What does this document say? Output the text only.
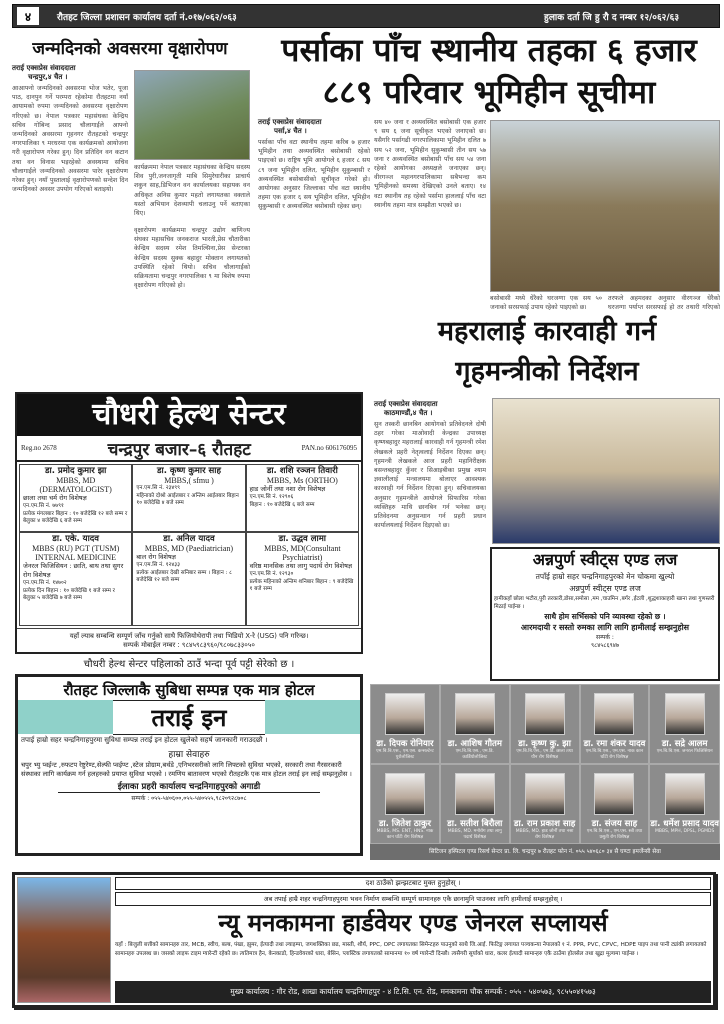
४	रौतहट जिल्ला प्रशासन कार्यालय दर्ता नं.०१७/०६२/०६३	हुलाक दर्ता जि हु रौ द नम्बर १२/०६२/६३
जन्मदिनको अवसरमा वृक्षारोपण
तराई एक्सप्रेस संवाददाता
चन्द्रपुर,४ चैत ।
आआफ्नो जन्मदिनको अवसरमा भोज भतेर, पूजा पाठ, दानपुन गर्ने परम्परा रहेकोमा रौतहटमा नयाँ आयामको रुपमा जन्मदिनको अवसरमा वृक्षारोपण गरिएको छ। नेपाल पत्रकार महासंघका केन्द्रिय सचिव गोबिन्द प्रसाद चौलागाईंले आफ्नो जन्मदिनको अवसरमा गृहनगर रौतहटको चन्द्रपुर नगरपालिका ९ मरधरमा एक कार्यक्रमको आयोजना गरी वृक्षारोपण गरेका हुन्। दिन प्रतिदिन वन कटान तथा वन विनास भइरहेको अवस्थामा सचिव चौलागाईंले जन्मदिनको अवसरमा पारेर वृक्षारोपण गरेका हुन्। नयाँ पुस्तालाई वृक्षारोपणको सन्देश दिन जन्मदिनको अवसर उपयोग गरिएको बताइयो।
कार्यक्रममा नेपाल पत्रकार महासंघका केन्द्रिय सदस्य शिव पुरी,जनजागृती माबि सिमुरेघारीका प्राचार्य शकुन साह,डिभिजन वन कार्यालयका सहायक वन अधिकृत अनिस कुमार महतो लगायतका वक्ताले यस्तो अभियान देशव्यापी चलाउनु पर्ने बताएका थिए।
वृक्षारोपण कार्यक्रममा चन्द्रपुर उद्योग बाणिज्य संघका महासचिव जनकराज भारती,प्रेस चौतारीका केन्द्रिय सदस्य रमेश तिमल्सिना,प्रेस सेन्टरका केन्द्रिय सदस्य सुक्क बहादुर मोक्तान लगायतको उपस्थिति रहेको थियो। सचिव चौलागाईंको सक्रियतामा चन्द्रपुर नगरपालिका ९ मा बिशेष रुपमा वृक्षारोपण गरिएको हो।
पर्साका पाँच स्थानीय तहका ६ हजार
८८९ परिवार भूमिहीन सूचीमा
तराई एक्सप्रेस संवाददाता
पर्सा,४ चैत ।
पर्साका पाँच वटा स्थानीय तहमा करिब ७ हजार भूमिहीन तथा अव्यवस्थित बसोबासी रहेको पाइएको छ। राष्ट्रिय भूमि आयोगले ६ हजार ८ सय ८९ जना भूमिहीन दलित, भूमिहीन सुकुम्बासी र अव्यवस्थित बसोबासीको सूचीकृत गरेको हो। आयोगका अनुसार जिल्लाका पाँच वटा स्थानीय तहमा एक हजार ६ सय भूमिहीन दलित, भूमिहीन सुकुम्बासी र अव्यवस्थित बसोबासी रहेका छन्।
सय ४० जना र अव्यवस्थित बसोबासी एक हजार ९ सय ६ जना सूचीकृत भएको जनाएको छ। यसैगरि पर्सागढी नगरपालिकामा भूमिहीन दलित ७ सय ५२ जना, भूमिहीन सुकुम्बासी तीन सय ५७ जना र अव्यवस्थित बसोबासी पाँच सय ५४ जना रहेको आयोगका अध्यक्षले जनाएका छन्। वीरगञ्ज महानगरपालिकामा सबैभन्दा कम भूमिहीनको समस्या देखिएको उनले बताए। १४ वटा स्थानीय तह रहेको पर्सामा हाललाई पाँच वटा स्थानीय तहमा मात्र सम्झौता भएको छ।
बसोबासी मध्ये धेरैको घरजग्गा एक सय ५० जनाको सरसफाई उपाय रहेको पाइएको छ।
तरफले अहमदका अनुसार वीरगञ्ज धेरैको घरजग्गा पर्याप्त सरसफाई हो तर तथारी गरिएको
महरालाई कारवाही गर्न
गृहमन्त्रीको निर्देशन
तराई एक्सप्रेस संवाददाता
काठमाण्डौं,४ चैत ।
सुन तस्करी छानबिन आयोगको प्रतिवेदनले दोषी ठहर गरेका माओवादी केन्द्रका उपाध्यक्ष कृष्णबहादुर महरालाई कारवाही गर्न गृहमन्त्री रमेश लेखकले प्रहरी नेतृत्वलाई निर्देशन दिएका छन्। गृहमन्त्री लेखकले आज प्रहरी महानिरीक्षक बसन्तबहादुर कुँवर र सिआइबीका प्रमुख श्याम ज्ञवालीलाई मन्त्रालयमा बोलाएर आवश्यक कारवाही गर्न निर्देशन दिएका हुन्। सचिवालयका अनुसार गृहमन्त्रीले आयोगले सिफारिस गरेका व्यक्तिहरु माथि छानबिन गर्न भनेका छन्। प्रतिवेदनमा अनुसन्धान गर्न प्रहरी प्रधान कार्यालयलाई निर्देशन दिइएको छ।
चौधरी हेल्थ सेन्टर
Reg.no 2678	चन्द्रपुर बजार–६ रौतहट	PAN.no 606176095
डा. प्रमोद कुमार झा
MBBS, MD (DERMATOLOGIST)
छाला तथा चर्म रोग विशेषज्ञ
एन.एम.सि नं. ७७९१
प्रत्येक मंगलबार बिहान : १० बजेदेखि १२ बजे सम्म र बेलुका ४ बजेदेखि ६ बजे सम्म
डा. कृष्ण कुमार साह
MBBS,( sfmu )
एन.एम.सि नं. २३४९९
महिनाको दोश्रो आईतबार र अन्तिम आईतबार बिहान १० बजेदेखि ४ बजे सम्म
डा. शशि रञ्जन तिवारी
MBBS, Ms (ORTHO)
हाड जोर्नी तथा नशा रोग विशेषज्ञ
एन.एम.सि नं. १२९०६
बिहान : १० बजेदेखि ६ बजे सम्म
डा. एके. यादव
MBBS (RU) PGT (TUSM) INTERNAL MEDICINE
जेनरल फिजिसियन : छाति, बाथ तथा सुगर रोग विशेषज्ञ
एन.एम.सि नं. १४७०२
प्रत्येक दिन बिहान : १० बजेदेखि १ बजे सम्म र बेलुका ५ बजेदेखि ७ बजे सम्म
डा. अनिल यादव
MBBS, MD (Paediatrician)
बाल रोग विशेषज्ञ
एन.एम.सि नं. १२४३३
प्रत्येक आईतबार देखी सनिबार सम्म । बिहान : ८ बजेदेखि १२ बजे सम्म
डा. उद्धव लामा
MBBS, MD(Consultant Psychiatrist)
वरिष्ठ मानसिक तथा लागु पदार्थ रोग विशेषज्ञ
एन.एम.सि नं. १२९३०
प्रत्येक महिनाको अन्तिम शनिबार बिहान : ९ बजेदेखि १ बजे सम्म
यहाँ ल्याब सम्बन्धि सम्पूर्ण जाँच गर्नुको साथै फिजियोथेरापी तथा भिडियो X-रे (USG) पनि गरिन्छ।
सम्पर्क मोबाईल नम्बर : ९८४५९८३९६०/९८०७८३३०५०
चौधरी हेल्थ सेन्टर पहिलाको ठाउँ भन्दा पूर्व पट्टी सेरेको छ ।
रौतहट जिल्लाकै सुबिधा सम्पन्न एक मात्र होटल
तराई इन
तपाई हाम्रो सहर चन्द्रनिगाहपुरमा सुविधा सम्पन्न तराई इन होटल खुलेको सहर्ष जानकारी गराउदछौ ।
हाम्रा सेवाहरु
चपुर भ्यु प्वईन्ट ,रुफटप रेष्टुरेण्ट,सेल्फी प्वईण्ट ,स्टेज प्रोग्राम,बर्थडे ,एनिभरसरीको लागि लिफ्टको सुविधा भएको, सरकारी तथा गैरसरकारी संस्थाका लागि कार्यक्रम गर्न हलहरुको प्रयाप्त सुविधा भएको । रमणिय बातावरण भएको रौतहटकै एक मात्र होटल तराई इन लाई सम्झनुहोस ।
ईलाका प्रहरी कार्यालय चन्द्रनिगाहपुरको अगाडी
सम्पर्क : ०५५-५४०६००,०५५-५४०५५५,९८२०९२८७०८
अन्नपुर्ण स्वीट्स एण्ड लज
तपाँई हाम्रो सहर चन्द्रनिगाहपुरको मेन चोकमा खुल्यो
अन्नपुर्ण स्वीट्स एण्ड लज
हामीकहाँ छोला भटौरा,पुरी तरकारी,डोसा,समोसा ,मम ,चाउमिन ,बर्गर ,ईटली ,शुद्धशाकाहारी खाना तथा गुणस्तरी मिठाई पाईन्छ ।
साथै होम सर्भिसको पनि व्यावस्था रहेको छ ।
आरमदायी र सस्तो रुमका लागि लागि हामीलाई सम्झनुहोस
सम्पर्क :
९८४५८६९४७
डा. दिपक रोनियार
एम.बि.बि.एस., एम.एस. कन्सल्टेन्ट युरोलोजिस्ट
डा. आशिष गौतम
एम.बि.बि.एस., एम.डि. कार्डियोलोजिस्ट
डा. कृष्ण कु. झा
एम.बि.बि.एस., एम.डि. छाला तथा यौन रोग विशेषज्ञ
डा. रमा शंकर यादव
एम.बि.बि.एस., एम.एस. नाक कान घाँटी रोग विशेषज्ञ
डा. सद्रे आलम
एम.बि.बि.एस. जनरल फिजिसियन
डा. जितेश ठाकुर
MBBS, MS. ENT, HNS. नाक कान घाँटी रोग विशेषज्ञ
डा. सतीश बिरौला
MBBS, MD. मनोरोग तथा लागु पदार्थ विशेषज्ञ
डा. राम प्रकाश साह
MBBS, MD. हाड जोर्नी तथा नसा रोग विशेषज्ञ
डा. संजय साह
एम.बि.बि.एस., एम.एस. स्त्री तथा प्रसुती रोग विशेषज्ञ
डा. धर्मेश प्रसाद यादव
MBBS, MPH, DPSL, PGMDS
सिटिजन हस्पिटल एण्ड रिसर्च सेन्टर प्रा. लि. चन्द्रपुर ७ रौतहट फोन नं. ०५५ ५४०६८० ३४ सै घण्टा इमर्जेन्सी सेवा
दश ठाउँको झन्झटबाट मुक्त हुनुहोस् ।
अब तपाई हाम्रै शहर चन्द्रनिगाहपुरमा भवन निर्माण सम्बन्धि सम्पूर्ण सामानहरु एकै छानामुनि पाउनका लागि हामीलाई सम्झनुहोस् ।
न्यू मनकामना हार्डवेयर एण्ड जेनरल सप्लायर्स
यहाँ : बिजुली बत्तीको सामानहरु तार, MCB, स्वीच, बल्ब, पंखा, झुमर, ईत्यादी तथा ल्याइम्पा, जगशक्तिका छड, मास्ती, शौर्य, PPC, OPC लगायतका सिमेन्टहरु पाउनुको साथै जि.आई. फिटिङ्ग लगायत पञ्चकन्या नेपालको १ नं. PPR, PVC, CPVC, HDPE पाइप तथा पानी ट्यांकी लगायतको सामानहरु उपलब्ध छ। जसको लाइफ टाइम ग्यारेन्टी रहेको छ। त्यतिमात्र हैन, केनकाडो, हिन्डवेयरको धारा, बेसिन, प्लास्टिक लगायतको सामानमा १० वर्ष ग्यारेन्टी दिन्छौ। त्यसैगरी सूर्याको धारा, कलर ईत्यादी सामान्हरु एकै ठाउँमा होलसेल तथा खुद्रा मूल्यमा पाईन्छ ।
मुख्य कार्यालय : गौर रोड, शाखा कार्यालय चन्द्रनिगाहपुर - ४ टि.सि. एन. रोड, मनकामना चौक सम्पर्क : ०५५ - ५४०५७३, ९८५५०४१५७३
